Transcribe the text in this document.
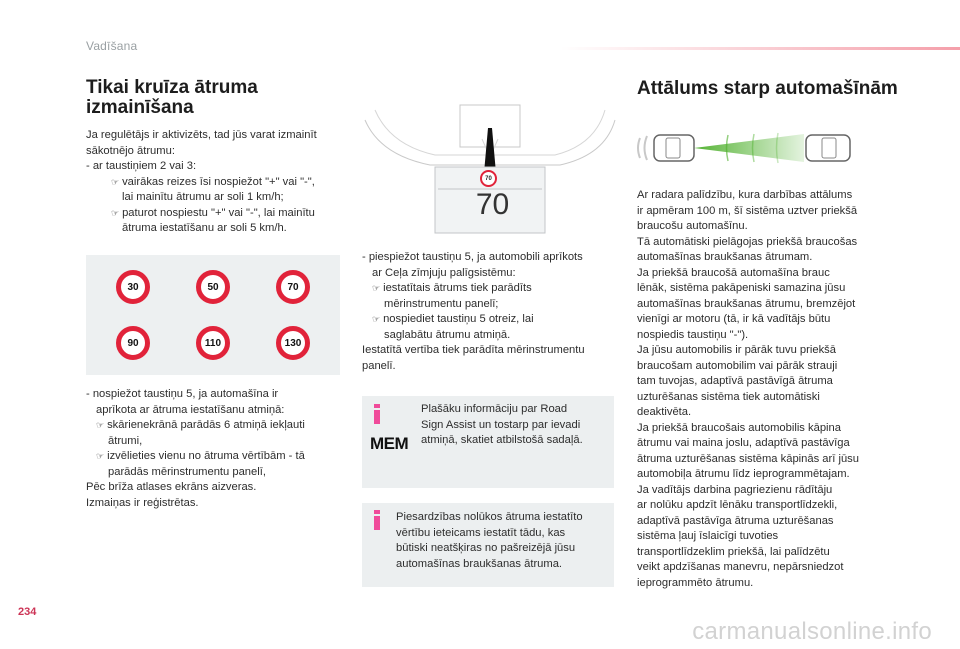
Vadīšana
Tikai kruīza ātruma izmainīšana

Ja regulētājs ir aktivizēts, tad jūs varat izmainīt

sākotnējo ātrumu:

- ar taustiņiem 2 vai 3:

☞ vairākas reizes īsi nospiežot "+" vai "-",

lai mainītu ātrumu ar soli 1 km/h;

☞ paturot nospiestu "+" vai "-", lai mainītu

ātruma iestatīšanu ar soli 5 km/h.

30	50	70
90	110	130

- nospiežot taustiņu 5, ja automašīna ir

aprīkota ar ātruma iestatīšanu atmiņā:

☞ skārienekrānā parādās 6 atmiņā iekļauti

ātrumi,

☞ izvēlieties vienu no ātruma vērtībām - tā

parādās mērinstrumentu panelī,

Pēc brīža atlases ekrāns aizveras.

Izmaiņas ir reģistrētas.

70
70

- piespiežot taustiņu 5, ja automobili aprīkots

ar Ceļa zīmjuju palīgsistēmu:

☞ iestatītais ātrums tiek parādīts

mērinstrumentu panelī;

☞ nospiediet taustiņu 5 otreiz, lai

saglabātu ātrumu atmiņā.

Iestatītā vertība tiek parādīta mērinstrumentu

panelī.

MEM

Plašāku informāciju par Road

Sign Assist un tostarp par ievadi

atmiņā, skatiet atbilstošā sadaļā.

Piesardzības nolūkos ātruma iestatīto

vērtību ieteicams iestatīt tādu, kas

būtiski neatšķiras no pašreizējā jūsu

automašīnas braukšanas ātruma.

Attālums starp automašīnām

Ar radara palīdzību, kura darbības attālums

ir apmēram 100 m, šī sistēma uztver priekšā

braucošu automašīnu.

Tā automātiski pielāgojas priekšā braucošas

automašīnas braukšanas ātrumam.

Ja priekšā braucošā automašīna brauc

lēnāk, sistēma pakāpeniski samazina jūsu

automašīnas braukšanas ātrumu, bremzējot

vienīgi ar motoru (tā, ir kā vadītājs būtu

nospiedis taustiņu "-").

Ja jūsu automobilis ir pārāk tuvu priekšā

braucošam automobilim vai pārāk strauji

tam tuvojas, adaptīvā pastāvīgā ātruma

uzturēšanas sistēma tiek automātiski

deaktivēta.

Ja priekšā braucošais automobilis kāpina

ātrumu vai maina joslu, adaptīvā pastāvīga

ātruma uzturēšanas sistēma kāpinās arī jūsu

automobiļa ātrumu līdz ieprogrammētajam.

Ja vadītājs darbina pagriezienu rādītāju

ar nolūku apdzīt lēnāku transportlīdzekli,

adaptīvā pastāvīga ātruma uzturēšanas

sistēma ļauj īslaicīgi tuvoties

transportlīdzeklim priekšā, lai palīdzētu

veikt apdzīšanas manevru, nepārsniedzot

ieprogrammēto ātrumu.

234
carmanualsonline.info
